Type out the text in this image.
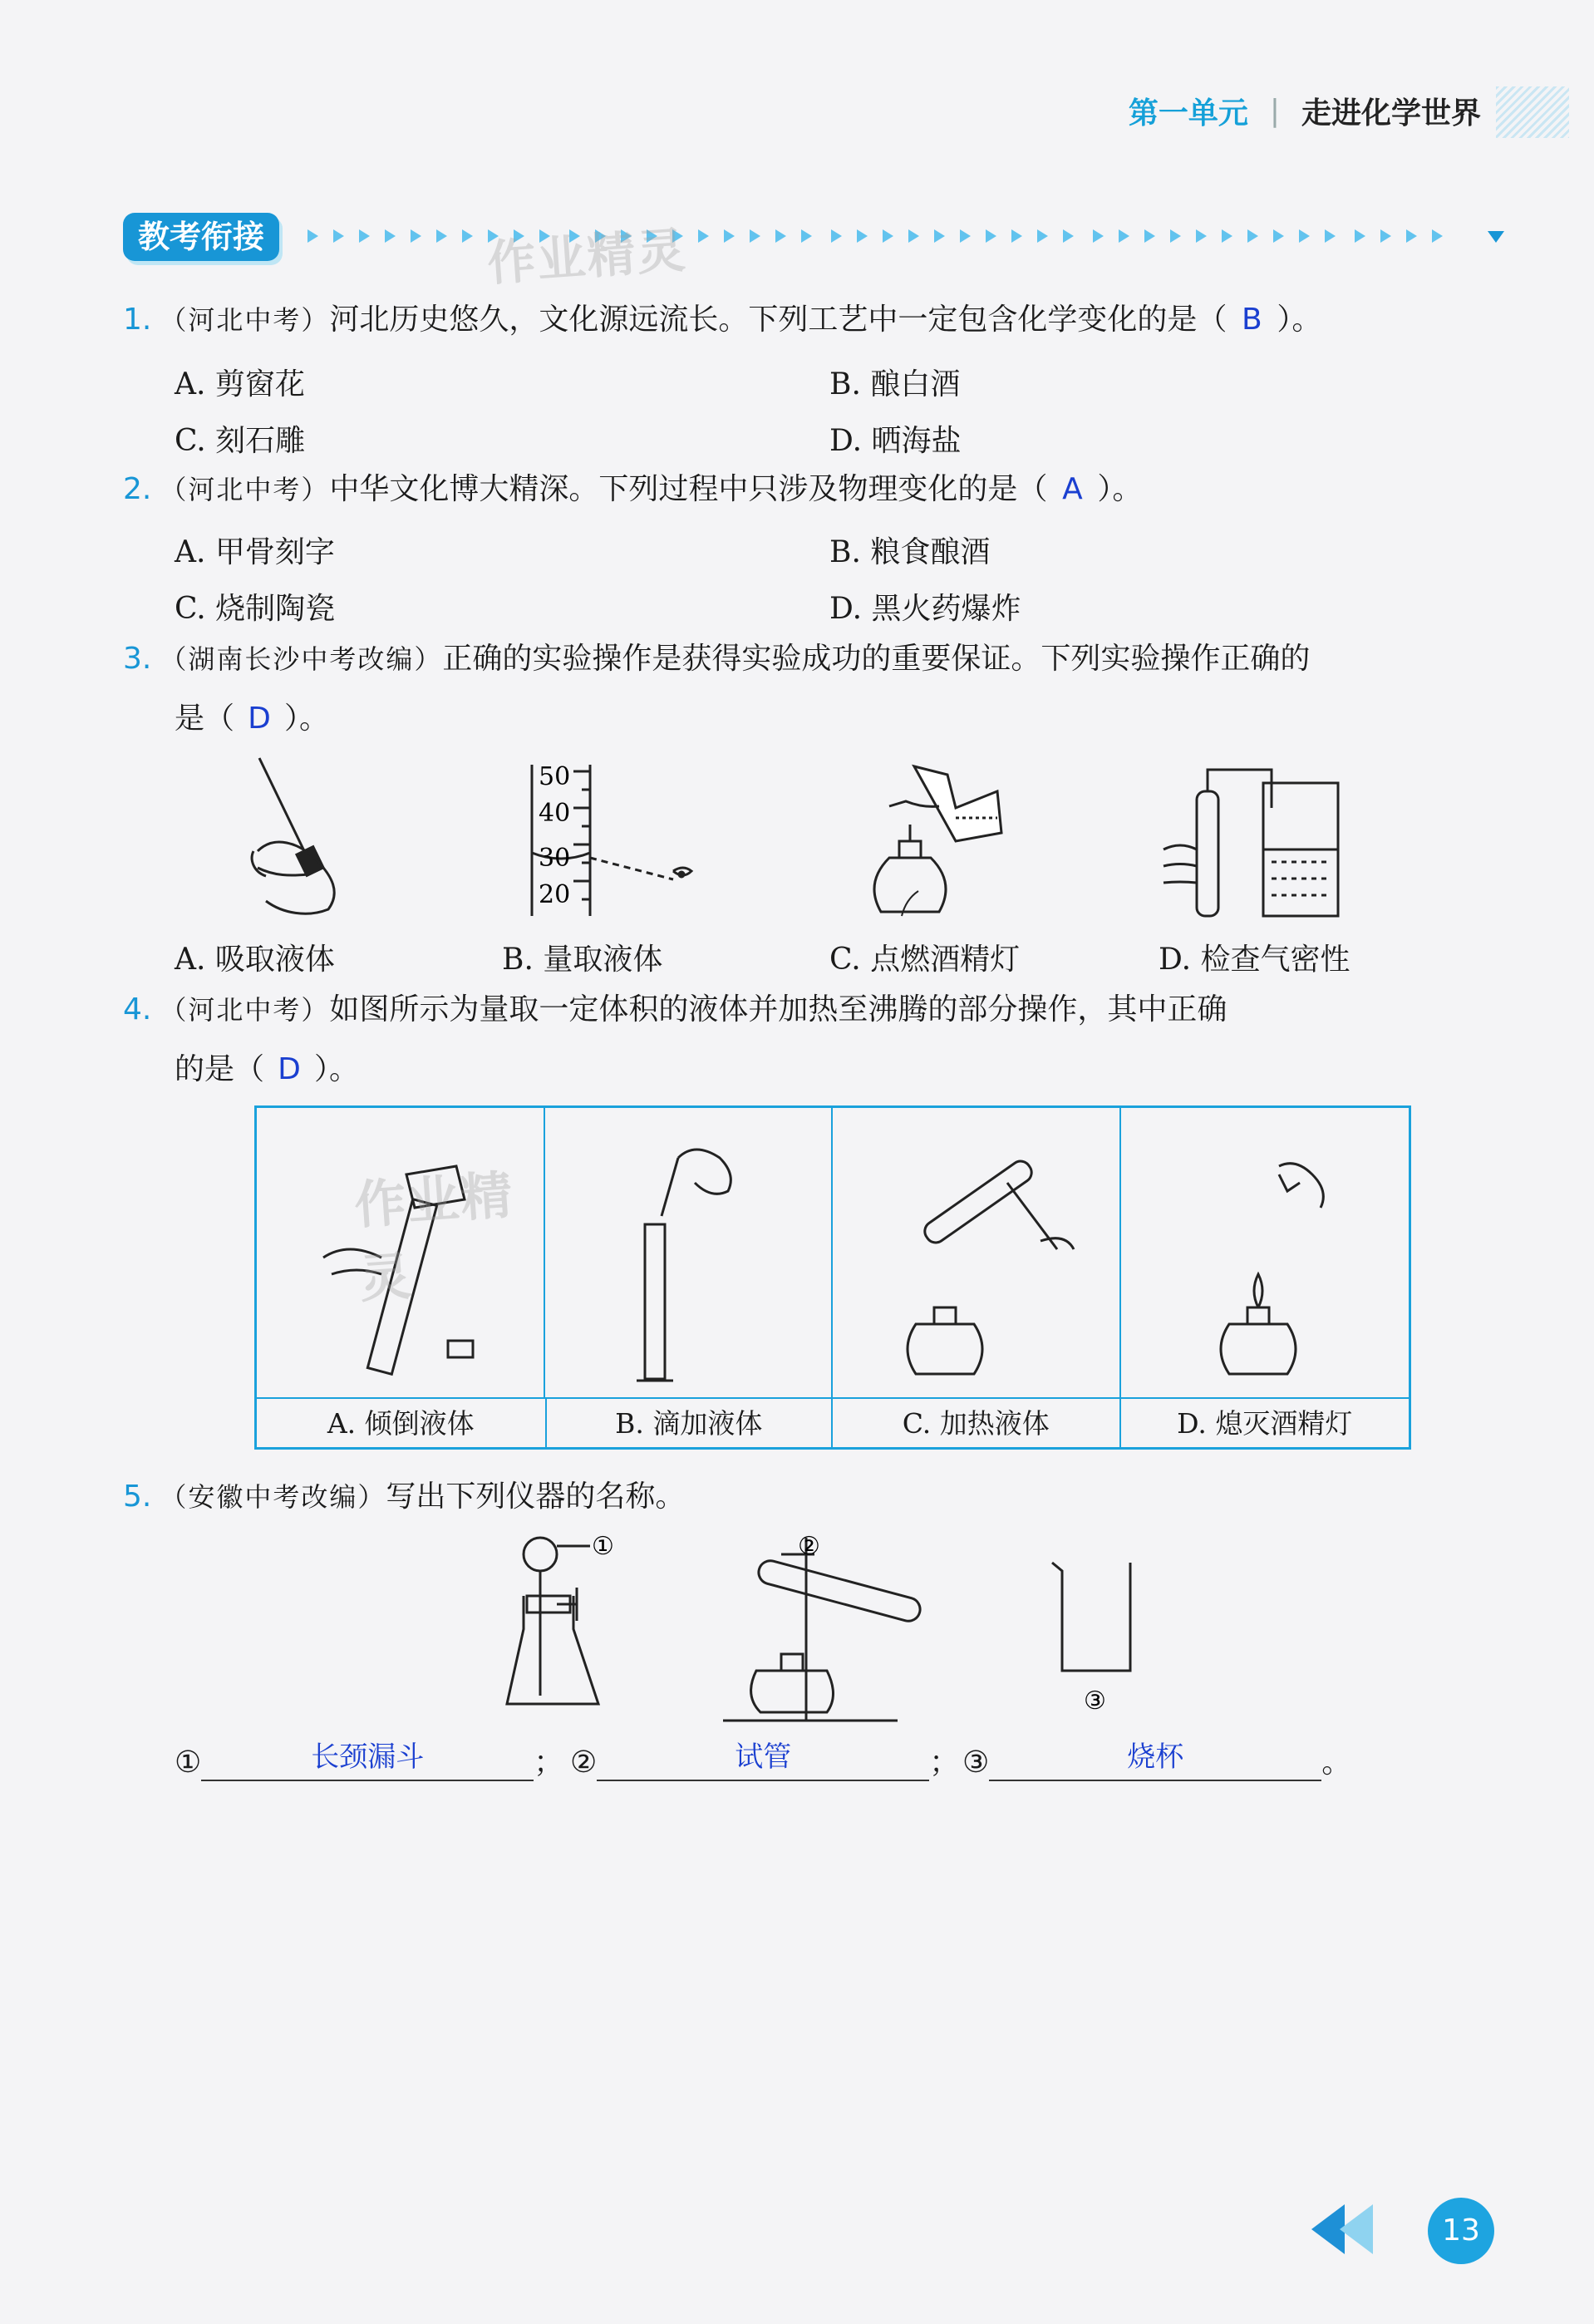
第一单元 | 走进化学世界
教考衔接
	作业精灵
1. （河北中考）河北历史悠久，文化源远流长。下列工艺中一定包含化学变化的是（ B ）。
A. 剪窗花	B. 酿白酒
C. 刻石雕	D. 晒海盐
2. （河北中考）中华文化博大精深。下列过程中只涉及物理变化的是（ A ）。
A. 甲骨刻字	B. 粮食酿酒
C. 烧制陶瓷	D. 黑火药爆炸
3. （湖南长沙中考改编）正确的实验操作是获得实验成功的重要保证。下列实验操作正确的
是（ D ）。
50
40
30
20
A. 吸取液体	B. 量取液体	C. 点燃酒精灯	D. 检查气密性
4. （河北中考）如图所示为量取一定体积的液体并加热至沸腾的部分操作，其中正确
的是（ D ）。
作业精灵
A. 倾倒液体	B. 滴加液体	C. 加热液体	D. 熄灭酒精灯
5. （安徽中考改编）写出下列仪器的名称。
①	②
③
①	长颈漏斗	； ②	试管	； ③	烧杯	。
13
